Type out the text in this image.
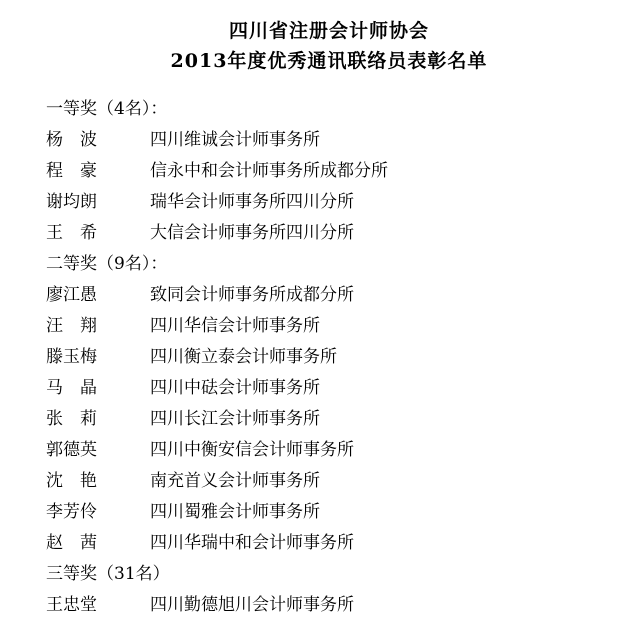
四川省注册会计师协会
2013年度优秀通讯联络员表彰名单
一等奖（4名）：
杨　波	四川维诚会计师事务所
程　豪	信永中和会计师事务所成都分所
谢均朗	瑞华会计师事务所四川分所
王　希	大信会计师事务所四川分所
二等奖（9名）：
廖江愚	致同会计师事务所成都分所
汪　翔	四川华信会计师事务所
滕玉梅	四川衡立泰会计师事务所
马　晶	四川中砝会计师事务所
张　莉	四川长江会计师事务所
郭德英	四川中衡安信会计师事务所
沈　艳	南充首义会计师事务所
李芳伶	四川蜀雅会计师事务所
赵　茜	四川华瑞中和会计师事务所
三等奖（31名）
王忠堂	四川勤德旭川会计师事务所
